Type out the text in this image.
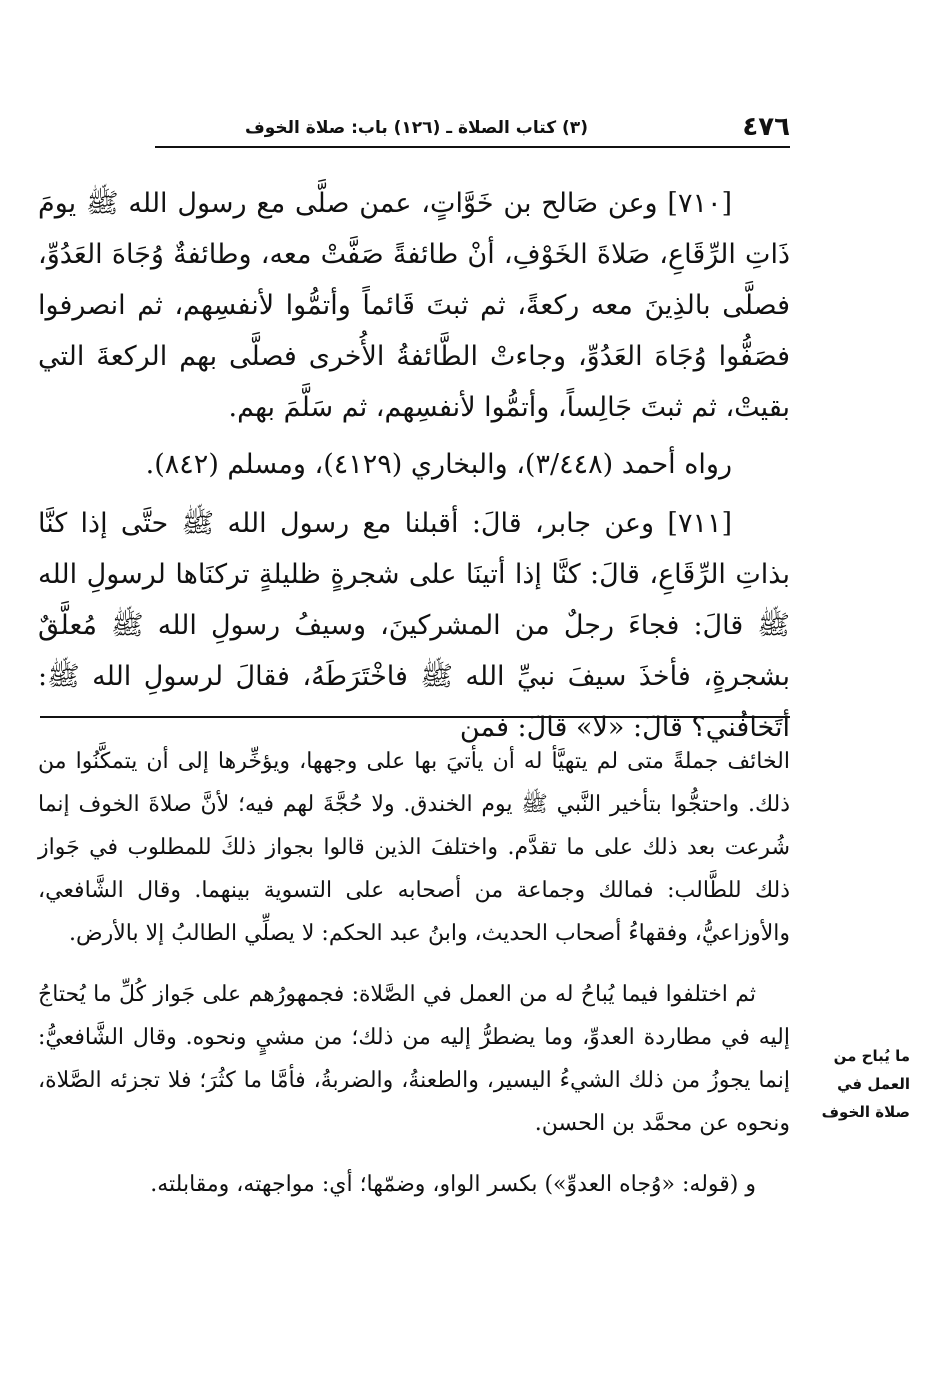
٤٧٦
(٣) كتاب الصلاة ـ (١٢٦) باب: صلاة الخوف

[٧١٠] وعن صَالح بن خَوَّاتٍ، عمن صلَّى مع رسول الله ﷺ يومَ ذَاتِ الرِّقَاعِ، صَلاةَ الخَوْفِ، أنْ طائفةً صَفَّتْ معه، وطائفةٌ وُجَاهَ العَدُوِّ، فصلَّى بالذِينَ معه ركعةً، ثم ثبتَ قَائماً وأتمُّوا لأنفسِهم، ثم انصرفوا فصَفُّوا وُجَاهَ العَدُوِّ، وجاءتْ الطَّائفةُ الأُخرى فصلَّى بهم الركعةَ التي بقيتْ، ثم ثبتَ جَالِساً، وأتمُّوا لأنفسِهم، ثم سَلَّمَ بهم.

رواه أحمد (٣/٤٤٨)، والبخاري (٤١٢٩)، ومسلم (٨٤٢).

[٧١١] وعن جابر، قالَ: أقبلنا مع رسول الله ﷺ حتَّى إذا كنَّا بذاتِ الرِّقَاعِ، قالَ: كنَّا إذا أتينَا على شجرةٍ ظليلةٍ تركنَاها لرسولِ الله ﷺ قالَ: فجاءَ رجلٌ من المشركينَ، وسيفُ رسولِ الله ﷺ مُعلَّقٌ بشجرةٍ، فأخذَ سيفَ نبيِّ الله ﷺ فاخْتَرَطَهُ، فقالَ لرسولِ الله ﷺ: أتَخافُني؟ قالَ: «لا» قالَ: فمن

الخائف جملةً متى لم يتهيَّأ له أن يأتيَ بها على وجهها، ويؤخِّرها إلى أن يتمكَّنُوا من ذلك. واحتجُّوا بتأخير النَّبي ﷺ يوم الخندق. ولا حُجَّةَ لهم فيه؛ لأنَّ صلاةَ الخوف إنما شُرعت بعد ذلك على ما تقدَّم. واختلفَ الذين قالوا بجواز ذلكَ للمطلوب في جَواز ذلك للطَّالب: فمالك وجماعة من أصحابه على التسوية بينهما. وقال الشَّافعي، والأوزاعيُّ، وفقهاءُ أصحاب الحديث، وابنُ عبد الحكم: لا يصلِّي الطالبُ إلا بالأرض.

ثم اختلفوا فيما يُباحُ له من العمل في الصَّلاة: فجمهورُهم على جَواز كُلِّ ما يُحتاجُ إليه في مطاردة العدوِّ، وما يضطرُّ إليه من ذلك؛ من مشيٍ ونحوه. وقال الشَّافعيُّ: إنما يجوزُ من ذلك الشيءُ اليسير، والطعنةُ، والضربةُ، فأمَّا ما كثُرَ؛ فلا تجزئه الصَّلاة، ونحوه عن محمَّد بن الحسن.

و (قوله: «وُجاه العدوِّ») بكسر الواو، وضمّها؛ أي: مواجهته، ومقابلته.

ما يُباح من العمل في صلاة الخوف
